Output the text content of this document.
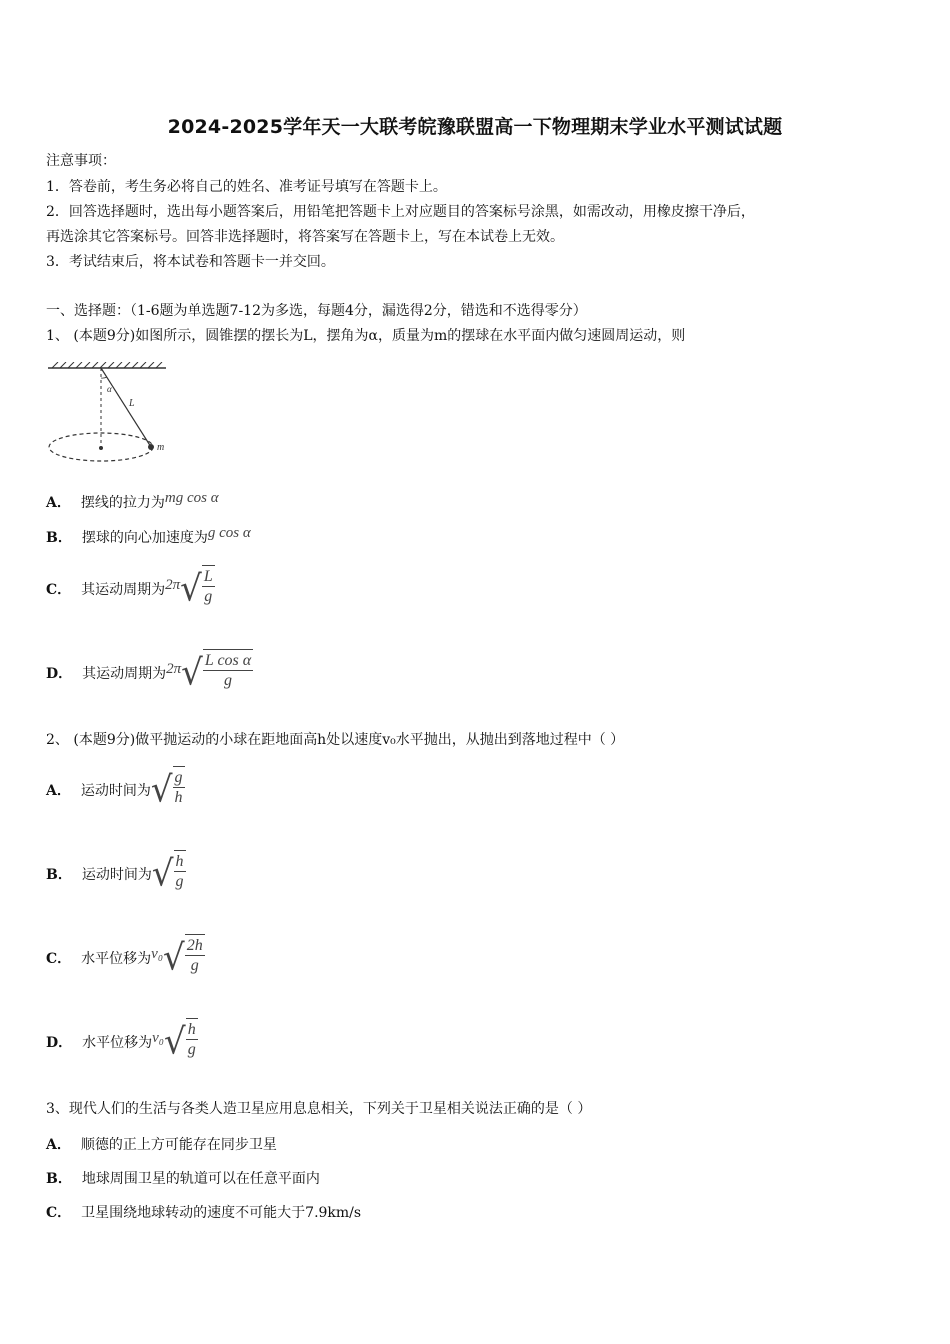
2024-2025学年天一大联考皖豫联盟高一下物理期末学业水平测试试题
注意事项：
1．答卷前，考生务必将自己的姓名、准考证号填写在答题卡上。
2．回答选择题时，选出每小题答案后，用铅笔把答题卡上对应题目的答案标号涂黑，如需改动，用橡皮擦干净后，
再选涂其它答案标号。回答非选择题时，将答案写在答题卡上，写在本试卷上无效。
3．考试结束后，将本试卷和答题卡一并交回。
一、选择题：（1-6题为单选题7-12为多选，每题4分，漏选得2分，错选和不选得零分）
1、 (本题9分)如图所示，圆锥摆的摆长为L，摆角为α，质量为m的摆球在水平面内做匀速圆周运动，则
α
L
m
A． 摆线的拉力为 mg cos α
B． 摆球的向心加速度为 g cos α
C． 其运动周期为 2π √ $\frac{L}{g}$
D． 其运动周期为 2π √ $\frac{\text{L cos α}}{g}$
2、 (本题9分)做平抛运动的小球在距地面高h处以速度v₀水平抛出，从抛出到落地过程中（ ）
A． 运动时间为 √ $\frac{g}{h}$
B． 运动时间为 √ $\frac{h}{g}$
C． 水平位移为 v₀ √ $\frac{2h}{g}$
D． 水平位移为 v₀ √ $\frac{h}{g}$
3、现代人们的生活与各类人造卫星应用息息相关，下列关于卫星相关说法正确的是（ ）
A． 顺德的正上方可能存在同步卫星
B． 地球周围卫星的轨道可以在任意平面内
C． 卫星围绕地球转动的速度不可能大于7.9km/s
